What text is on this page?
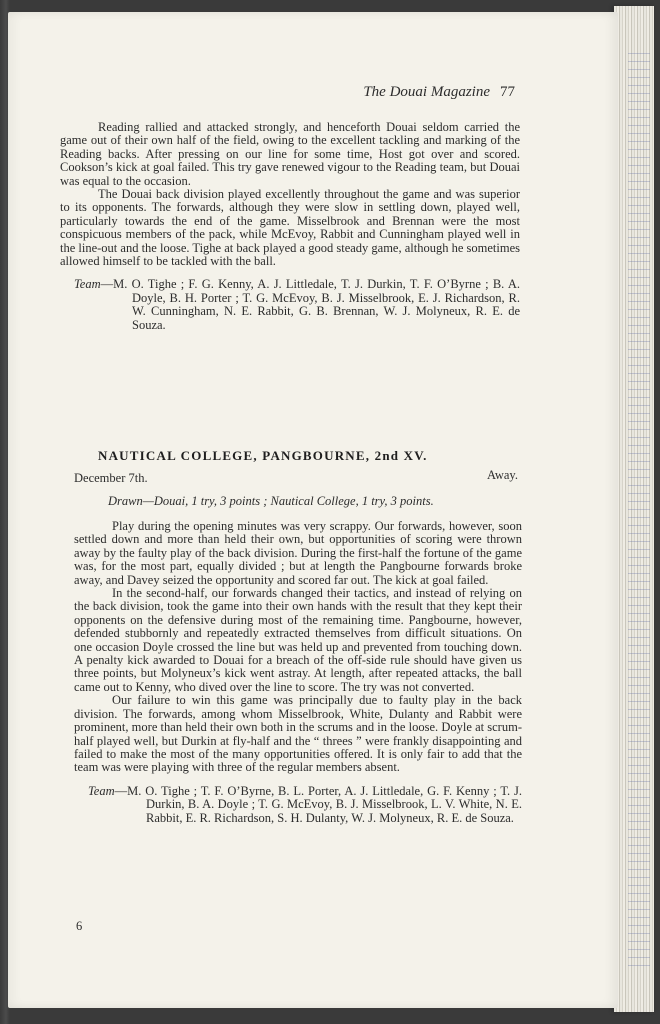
The Douai Magazine 77

Reading rallied and attacked strongly, and henceforth Douai seldom carried the game out of their own half of the field, owing to the excellent tackling and marking of the Reading backs. After pressing on our line for some time, Host got over and scored. Cookson’s kick at goal failed. This try gave renewed vigour to the Reading team, but Douai was equal to the occasion.

The Douai back division played excellently throughout the game and was superior to its opponents. The forwards, although they were slow in settling down, played well, particularly towards the end of the game. Misselbrook and Brennan were the most conspicuous members of the pack, while McEvoy, Rabbit and Cunningham played well in the line-out and the loose. Tighe at back played a good steady game, although he sometimes allowed himself to be tackled with the ball.

Team—M. O. Tighe ; F. G. Kenny, A. J. Littledale, T. J. Durkin, T. F. O’Byrne ; B. A. Doyle, B. H. Porter ; T. G. McEvoy, B. J. Misselbrook, E. J. Richardson, R. W. Cunningham, N. E. Rabbit, G. B. Brennan, W. J. Molyneux, R. E. de Souza.
NAUTICAL COLLEGE, PANGBOURNE, 2nd XV.
December 7th.	Away.
Drawn—Douai, 1 try, 3 points ; Nautical College, 1 try, 3 points.

Play during the opening minutes was very scrappy. Our forwards, however, soon settled down and more than held their own, but opportunities of scoring were thrown away by the faulty play of the back division. During the first-half the fortune of the game was, for the most part, equally divided ; but at length the Pangbourne forwards broke away, and Davey seized the opportunity and scored far out. The kick at goal failed.

In the second-half, our forwards changed their tactics, and instead of relying on the back division, took the game into their own hands with the result that they kept their opponents on the defensive during most of the remaining time. Pangbourne, however, defended stubbornly and repeatedly extracted themselves from difficult situations. On one occasion Doyle crossed the line but was held up and prevented from touching down. A penalty kick awarded to Douai for a breach of the off-side rule should have given us three points, but Molyneux’s kick went astray. At length, after repeated attacks, the ball came out to Kenny, who dived over the line to score. The try was not converted.

Our failure to win this game was principally due to faulty play in the back division. The forwards, among whom Misselbrook, White, Dulanty and Rabbit were prominent, more than held their own both in the scrums and in the loose. Doyle at scrum-half played well, but Durkin at fly-half and the “ threes ” were frankly disappointing and failed to make the most of the many opportunities offered. It is only fair to add that the team was were playing with three of the regular members absent.

Team—M. O. Tighe ; T. F. O’Byrne, B. L. Porter, A. J. Littledale, G. F. Kenny ; T. J. Durkin, B. A. Doyle ; T. G. McEvoy, B. J. Misselbrook, L. V. White, N. E. Rabbit, E. R. Richardson, S. H. Dulanty, W. J. Molyneux, R. E. de Souza.
6
